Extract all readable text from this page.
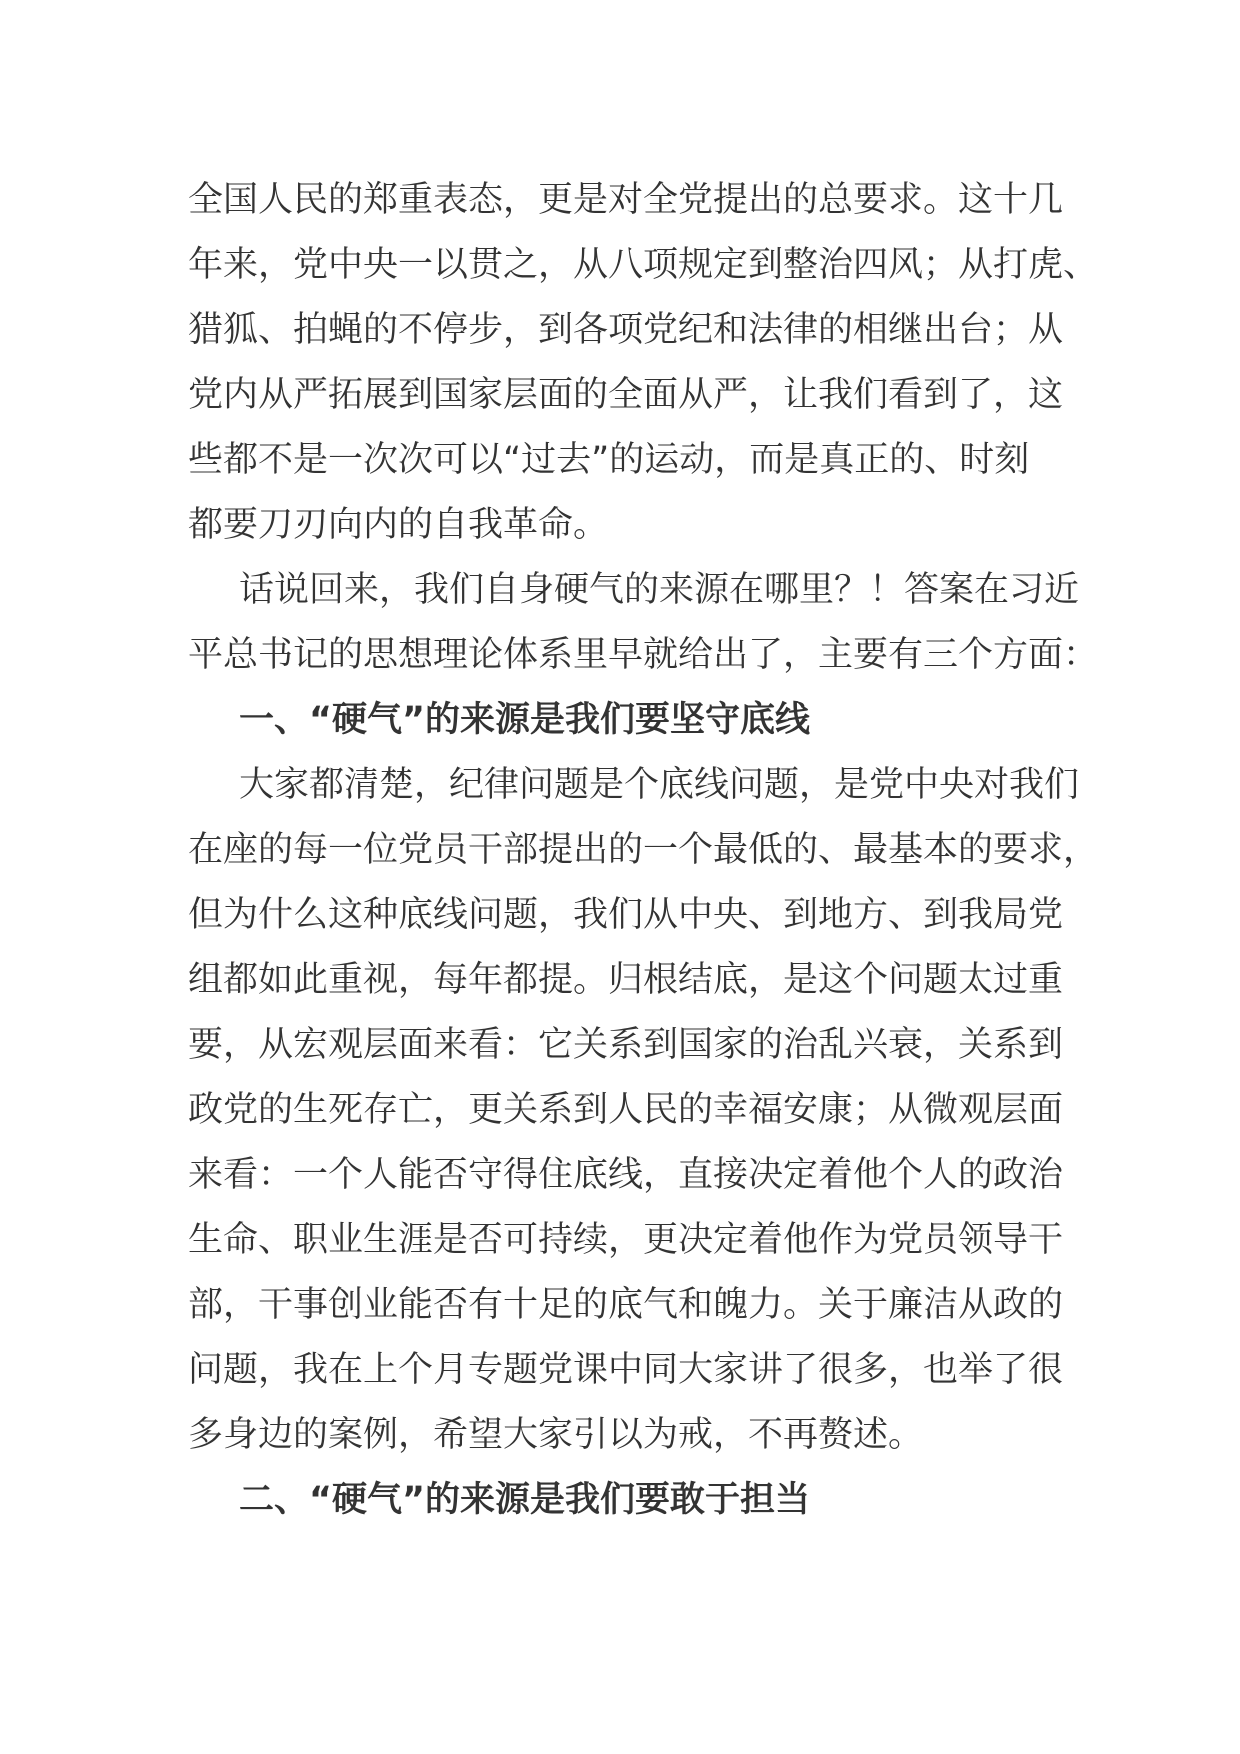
全国人民的郑重表态，更是对全党提出的总要求。这十几
年来，党中央一以贯之，从八项规定到整治四风；从打虎、
猎狐、拍蝇的不停步，到各项党纪和法律的相继出台；从
党内从严拓展到国家层面的全面从严，让我们看到了，这
些都不是一次次可以“过去”的运动，而是真正的、时刻
都要刀刃向内的自我革命。
话说回来，我们自身硬气的来源在哪里？！答案在习近
平总书记的思想理论体系里早就给出了，主要有三个方面：
一、“硬气”的来源是我们要坚守底线
大家都清楚，纪律问题是个底线问题，是党中央对我们
在座的每一位党员干部提出的一个最低的、最基本的要求，
但为什么这种底线问题，我们从中央、到地方、到我局党
组都如此重视，每年都提。归根结底，是这个问题太过重
要，从宏观层面来看：它关系到国家的治乱兴衰，关系到
政党的生死存亡，更关系到人民的幸福安康；从微观层面
来看：一个人能否守得住底线，直接决定着他个人的政治
生命、职业生涯是否可持续，更决定着他作为党员领导干
部，干事创业能否有十足的底气和魄力。关于廉洁从政的
问题，我在上个月专题党课中同大家讲了很多，也举了很
多身边的案例，希望大家引以为戒，不再赘述。
二、“硬气”的来源是我们要敢于担当
